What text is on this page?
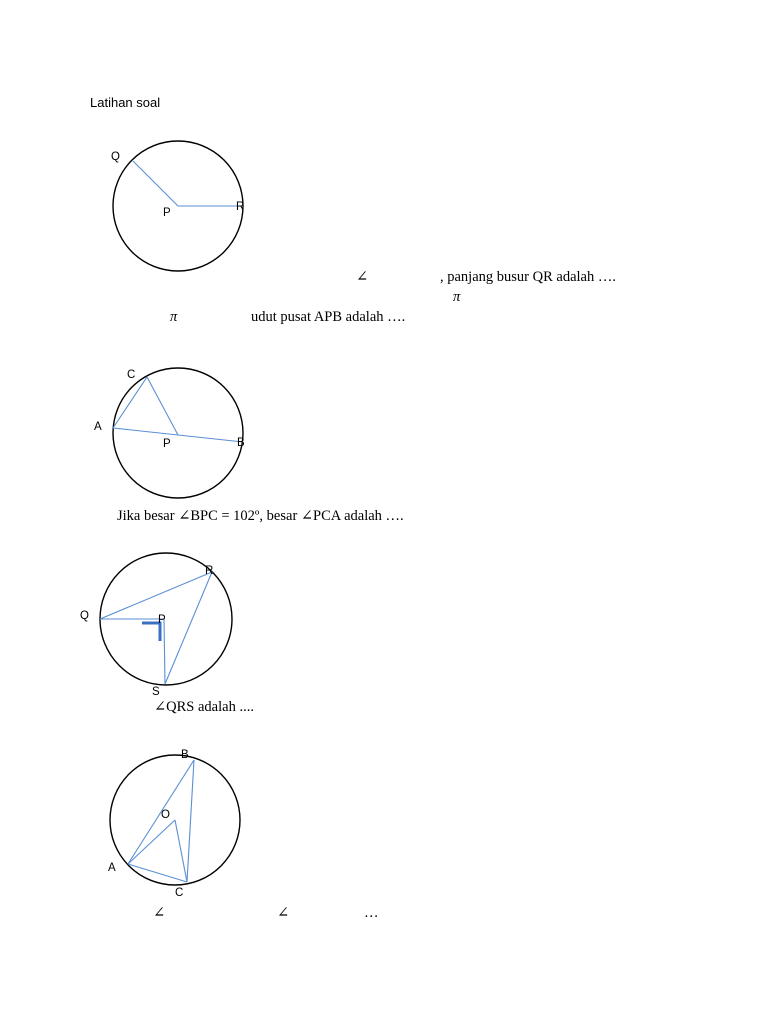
Latihan soal
Q
P	R
∠	, panjang busur QR adalah ….
π
π	udut pusat APB adalah ….
C
A
P	B
Jika besar ∠BPC = 102º, besar ∠PCA adalah ….
Q	P
R
S
∠QRS adalah ....
B
O
A
C
∠	∠	…
